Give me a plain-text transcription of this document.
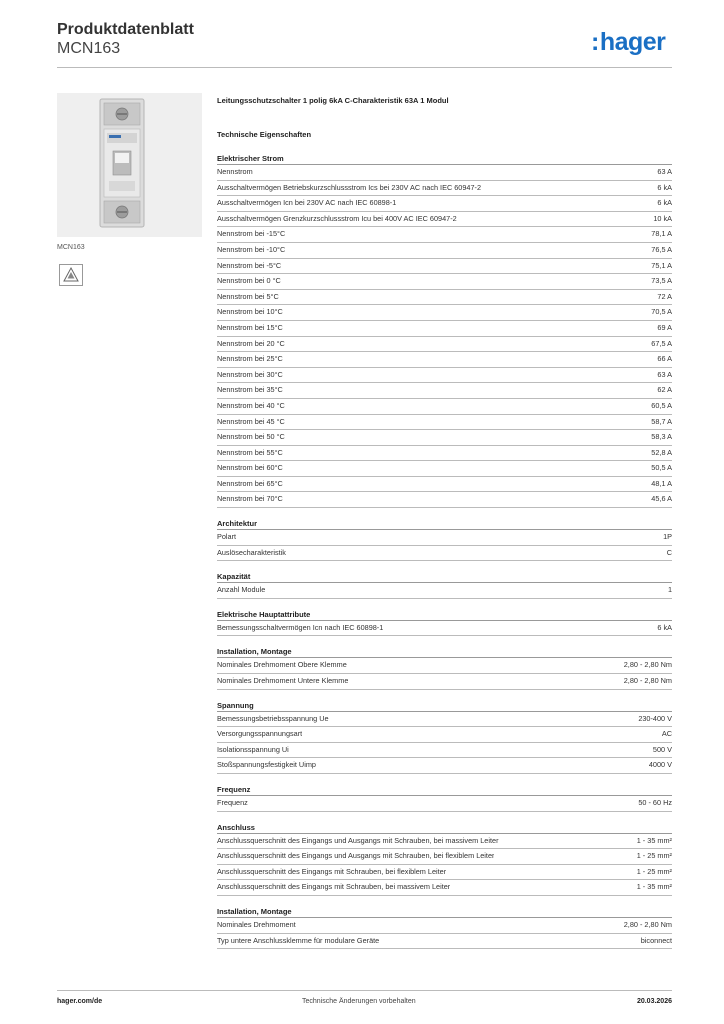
Produktdatenblatt
MCN163	:hager
MCN163
Leitungsschutzschalter 1 polig 6kA C-Charakteristik 63A 1 Modul
Technische Eigenschaften
Elektrischer Strom
Nennstrom	63 A
Ausschaltvermögen Betriebskurzschlussstrom Ics bei 230V AC nach IEC 60947-2	6 kA
Ausschaltvermögen Icn bei 230V AC nach IEC 60898-1	6 kA
Ausschaltvermögen Grenzkurzschlussstrom Icu bei 400V AC IEC 60947-2	10 kA
Nennstrom bei -15°C	78,1 A
Nennstrom bei -10°C	76,5 A
Nennstrom bei -5°C	75,1 A
Nennstrom bei 0 °C	73,5 A
Nennstrom bei 5°C	72 A
Nennstrom bei 10°C	70,5 A
Nennstrom bei 15°C	69 A
Nennstrom bei 20 °C	67,5 A
Nennstrom bei 25°C	66 A
Nennstrom bei 30°C	63 A
Nennstrom bei 35°C	62 A
Nennstrom bei 40 °C	60,5 A
Nennstrom bei 45 °C	58,7 A
Nennstrom bei 50 °C	58,3 A
Nennstrom bei 55°C	52,8 A
Nennstrom bei 60°C	50,5 A
Nennstrom bei 65°C	48,1 A
Nennstrom bei 70°C	45,6 A
Architektur
Polart	1P
Auslösecharakteristik	C
Kapazität
Anzahl Module	1
Elektrische Hauptattribute
Bemessungsschaltvermögen Icn nach IEC 60898-1	6 kA
Installation, Montage
Nominales Drehmoment Obere Klemme	2,80 - 2,80 Nm
Nominales Drehmoment Untere Klemme	2,80 - 2,80 Nm
Spannung
Bemessungsbetriebsspannung Ue	230-400 V
Versorgungsspannungsart	AC
Isolationsspannung Ui	500 V
Stoßspannungsfestigkeit Uimp	4000 V
Frequenz
Frequenz	50 - 60 Hz
Anschluss
Anschlussquerschnitt des Eingangs und Ausgangs mit Schrauben, bei massivem Leiter	1 - 35 mm²
Anschlussquerschnitt des Eingangs und Ausgangs mit Schrauben, bei flexiblem Leiter	1 - 25 mm²
Anschlussquerschnitt des Eingangs mit Schrauben, bei flexiblem Leiter	1 - 25 mm²
Anschlussquerschnitt des Eingangs mit Schrauben, bei massivem Leiter	1 - 35 mm²
Installation, Montage
Nominales Drehmoment	2,80 - 2,80 Nm
Typ untere Anschlussklemme für modulare Geräte	biconnect
hager.com/de	Technische Änderungen vorbehalten	20.03.2026
